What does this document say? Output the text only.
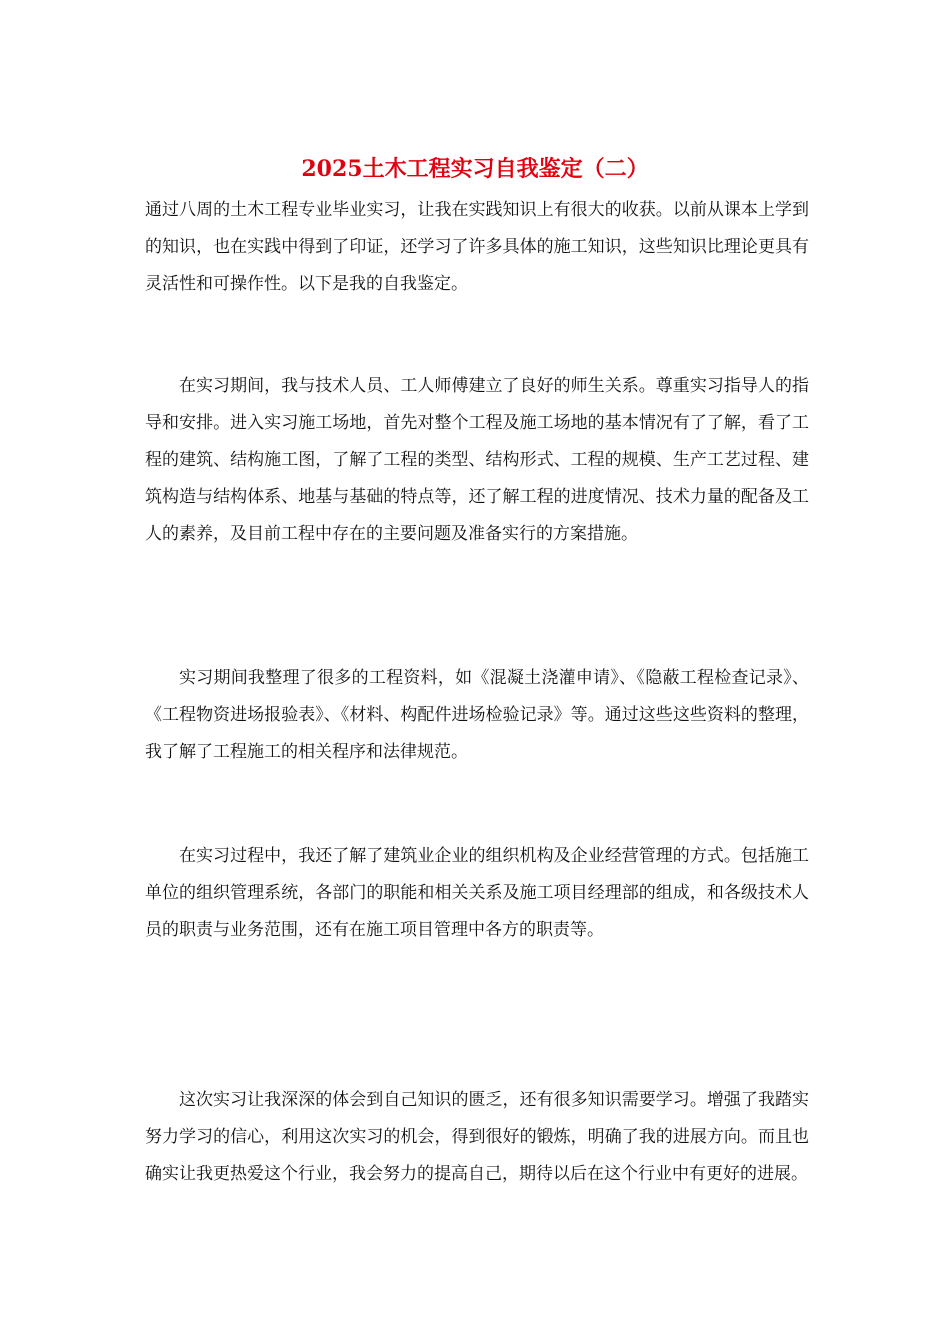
2025土木工程实习自我鉴定（二）

通过八周的土木工程专业毕业实习，让我在实践知识上有很大的收获。以前从课本上学到的知识，也在实践中得到了印证，还学习了许多具体的施工知识，这些知识比理论更具有灵活性和可操作性。以下是我的自我鉴定。

在实习期间，我与技术人员、工人师傅建立了良好的师生关系。尊重实习指导人的指导和安排。进入实习施工场地，首先对整个工程及施工场地的基本情况有了了解，看了工程的建筑、结构施工图，了解了工程的类型、结构形式、工程的规模、生产工艺过程、建筑构造与结构体系、地基与基础的特点等，还了解工程的进度情况、技术力量的配备及工人的素养，及目前工程中存在的主要问题及准备实行的方案措施。

实习期间我整理了很多的工程资料，如《混凝土浇灌申请》、《隐蔽工程检查记录》、《工程物资进场报验表》、《材料、构配件进场检验记录》等。通过这些这些资料的整理，我了解了工程施工的相关程序和法律规范。

在实习过程中，我还了解了建筑业企业的组织机构及企业经营管理的方式。包括施工单位的组织管理系统，各部门的职能和相关关系及施工项目经理部的组成，和各级技术人员的职责与业务范围，还有在施工项目管理中各方的职责等。

这次实习让我深深的体会到自己知识的匮乏，还有很多知识需要学习。增强了我踏实努力学习的信心，利用这次实习的机会，得到很好的锻炼，明确了我的进展方向。而且也确实让我更热爱这个行业，我会努力的提高自己，期待以后在这个行业中有更好的进展。
